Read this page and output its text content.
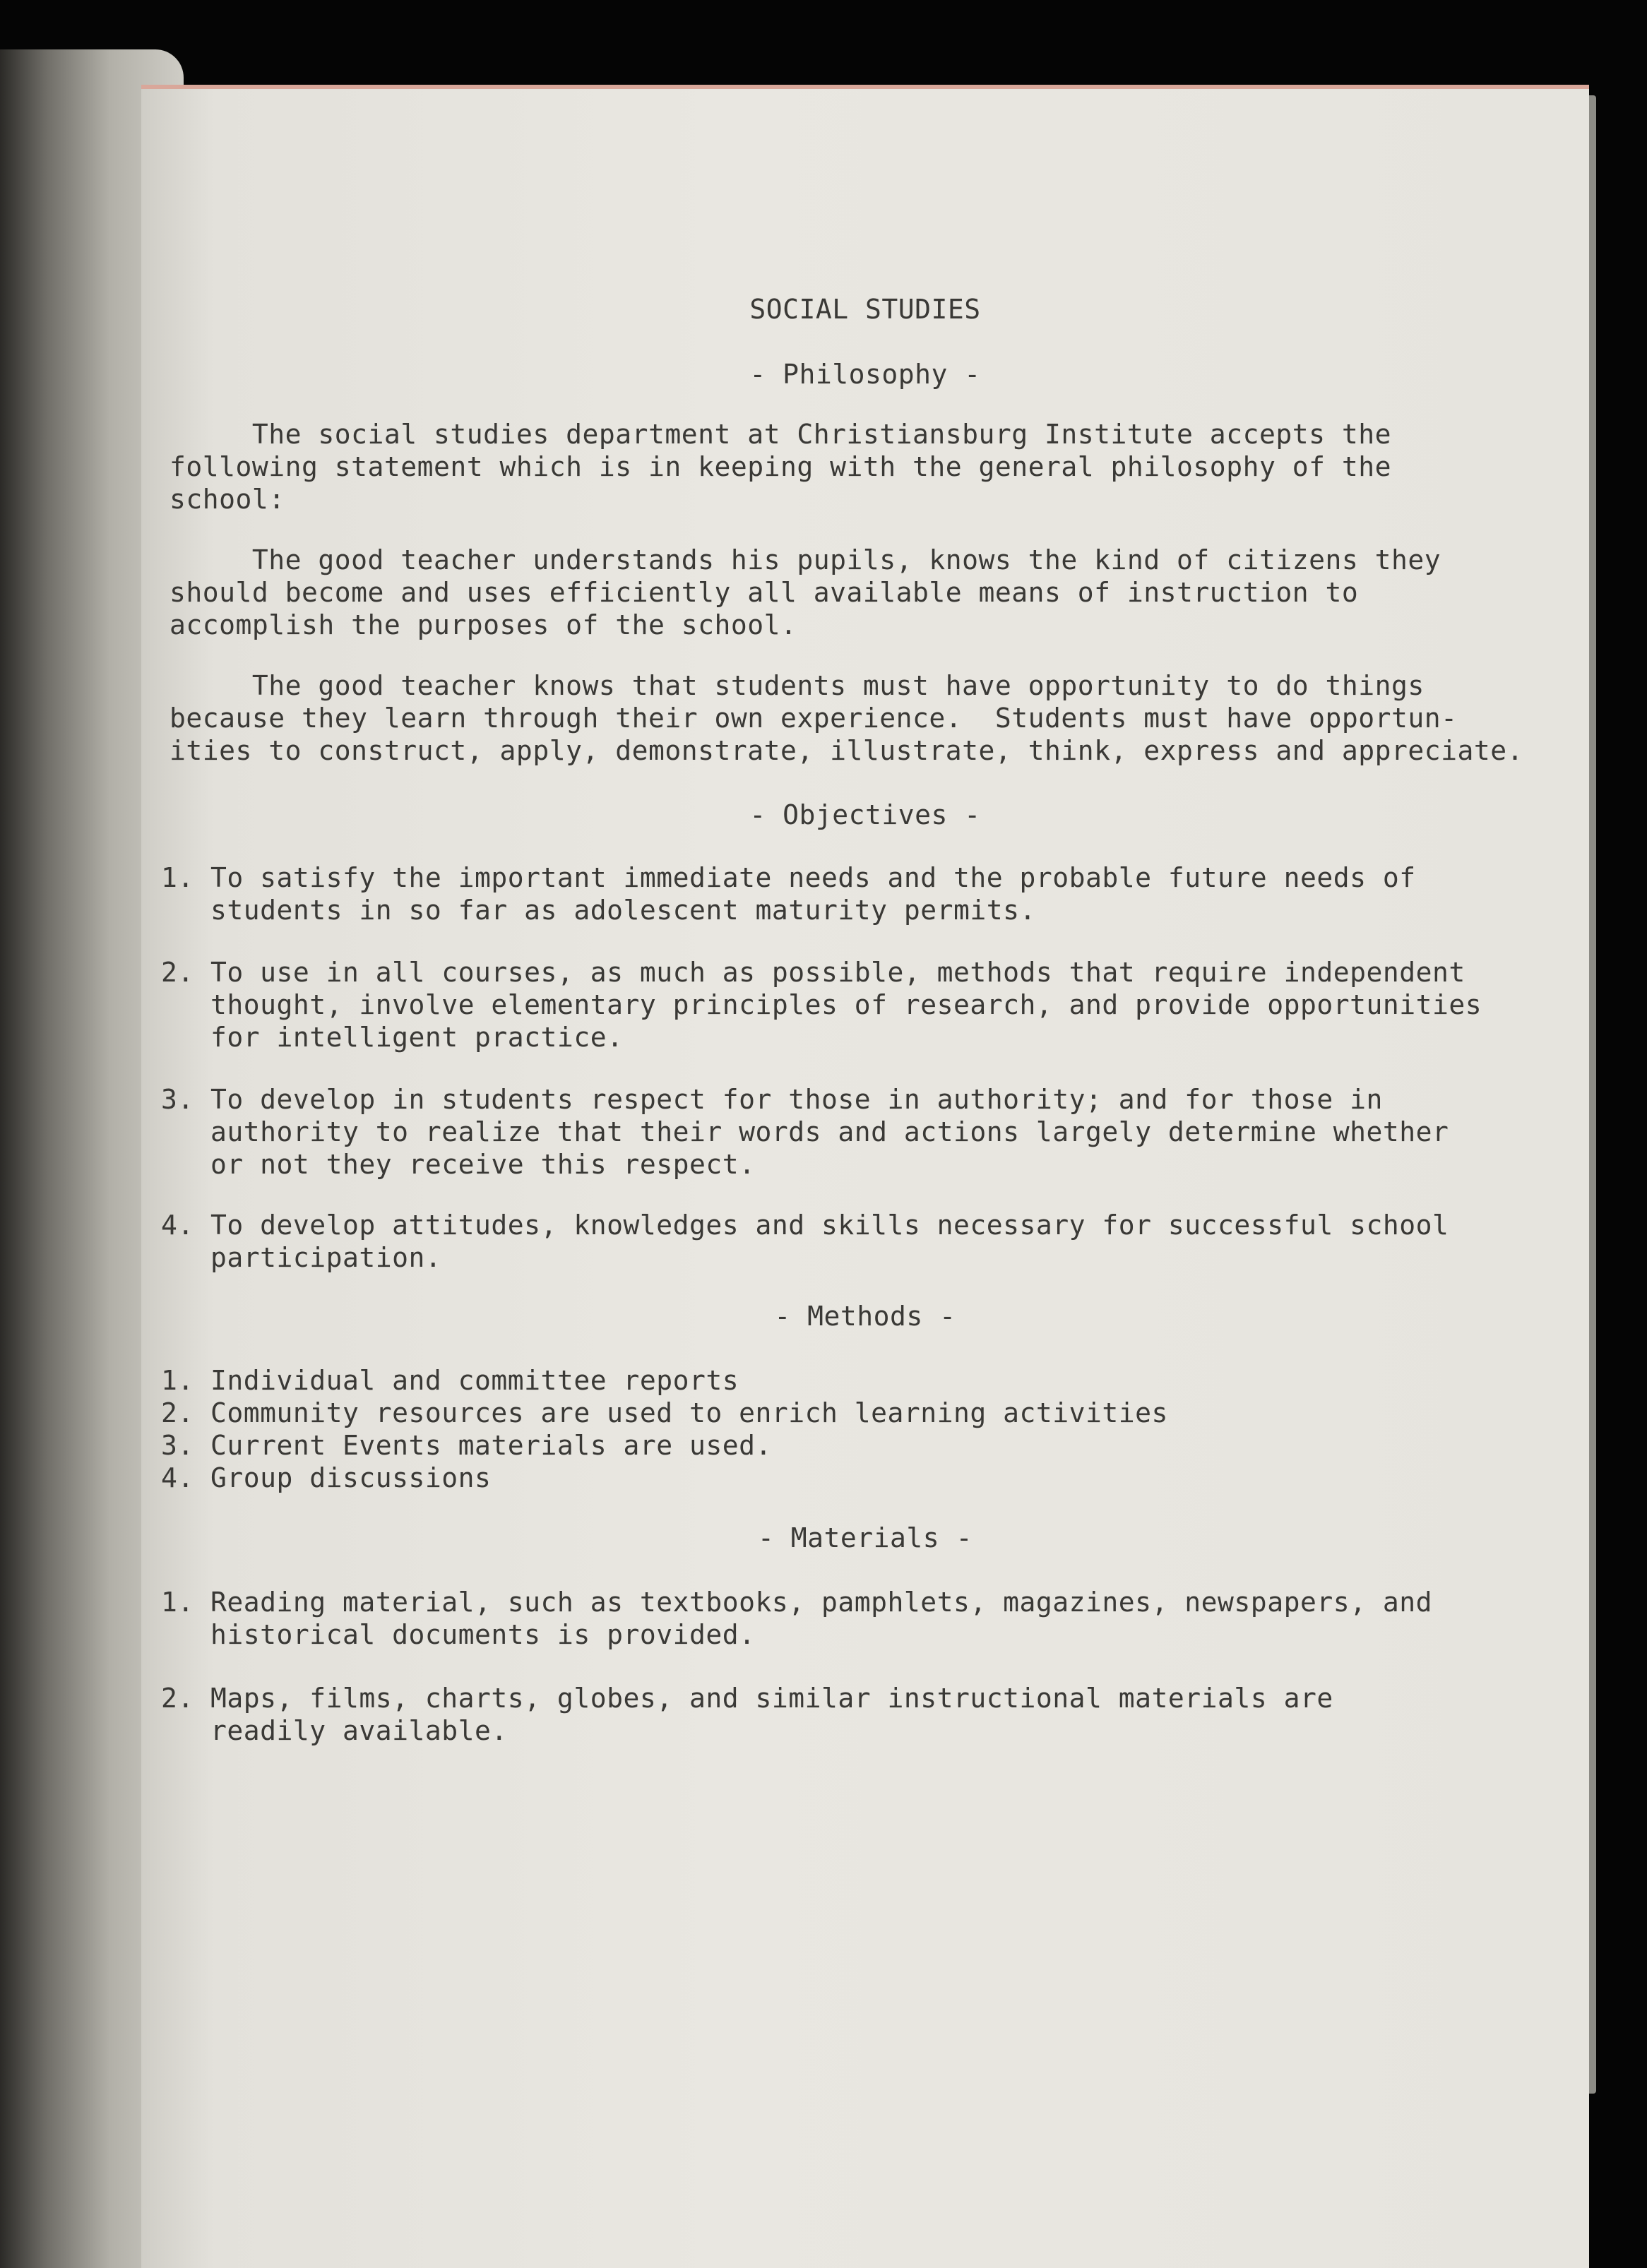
SOCIAL STUDIES

- Philosophy -

The social studies department at Christiansburg Institute accepts the
following statement which is in keeping with the general philosophy of the
school:

The good teacher understands his pupils, knows the kind of citizens they
should become and uses efficiently all available means of instruction to
accomplish the purposes of the school.

The good teacher knows that students must have opportunity to do things
because they learn through their own experience.  Students must have opportun-
ities to construct, apply, demonstrate, illustrate, think, express and appreciate.

- Objectives -

1. To satisfy the important immediate needs and the probable future needs of
students in so far as adolescent maturity permits.
2. To use in all courses, as much as possible, methods that require independent
thought, involve elementary principles of research, and provide opportunities
for intelligent practice.
3. To develop in students respect for those in authority; and for those in
authority to realize that their words and actions largely determine whether
or not they receive this respect.
4. To develop attitudes, knowledges and skills necessary for successful school
participation.

- Methods -

1. Individual and committee reports
2. Community resources are used to enrich learning activities
3. Current Events materials are used.
4. Group discussions

- Materials -

1. Reading material, such as textbooks, pamphlets, magazines, newspapers, and
historical documents is provided.
2. Maps, films, charts, globes, and similar instructional materials are
readily available.
